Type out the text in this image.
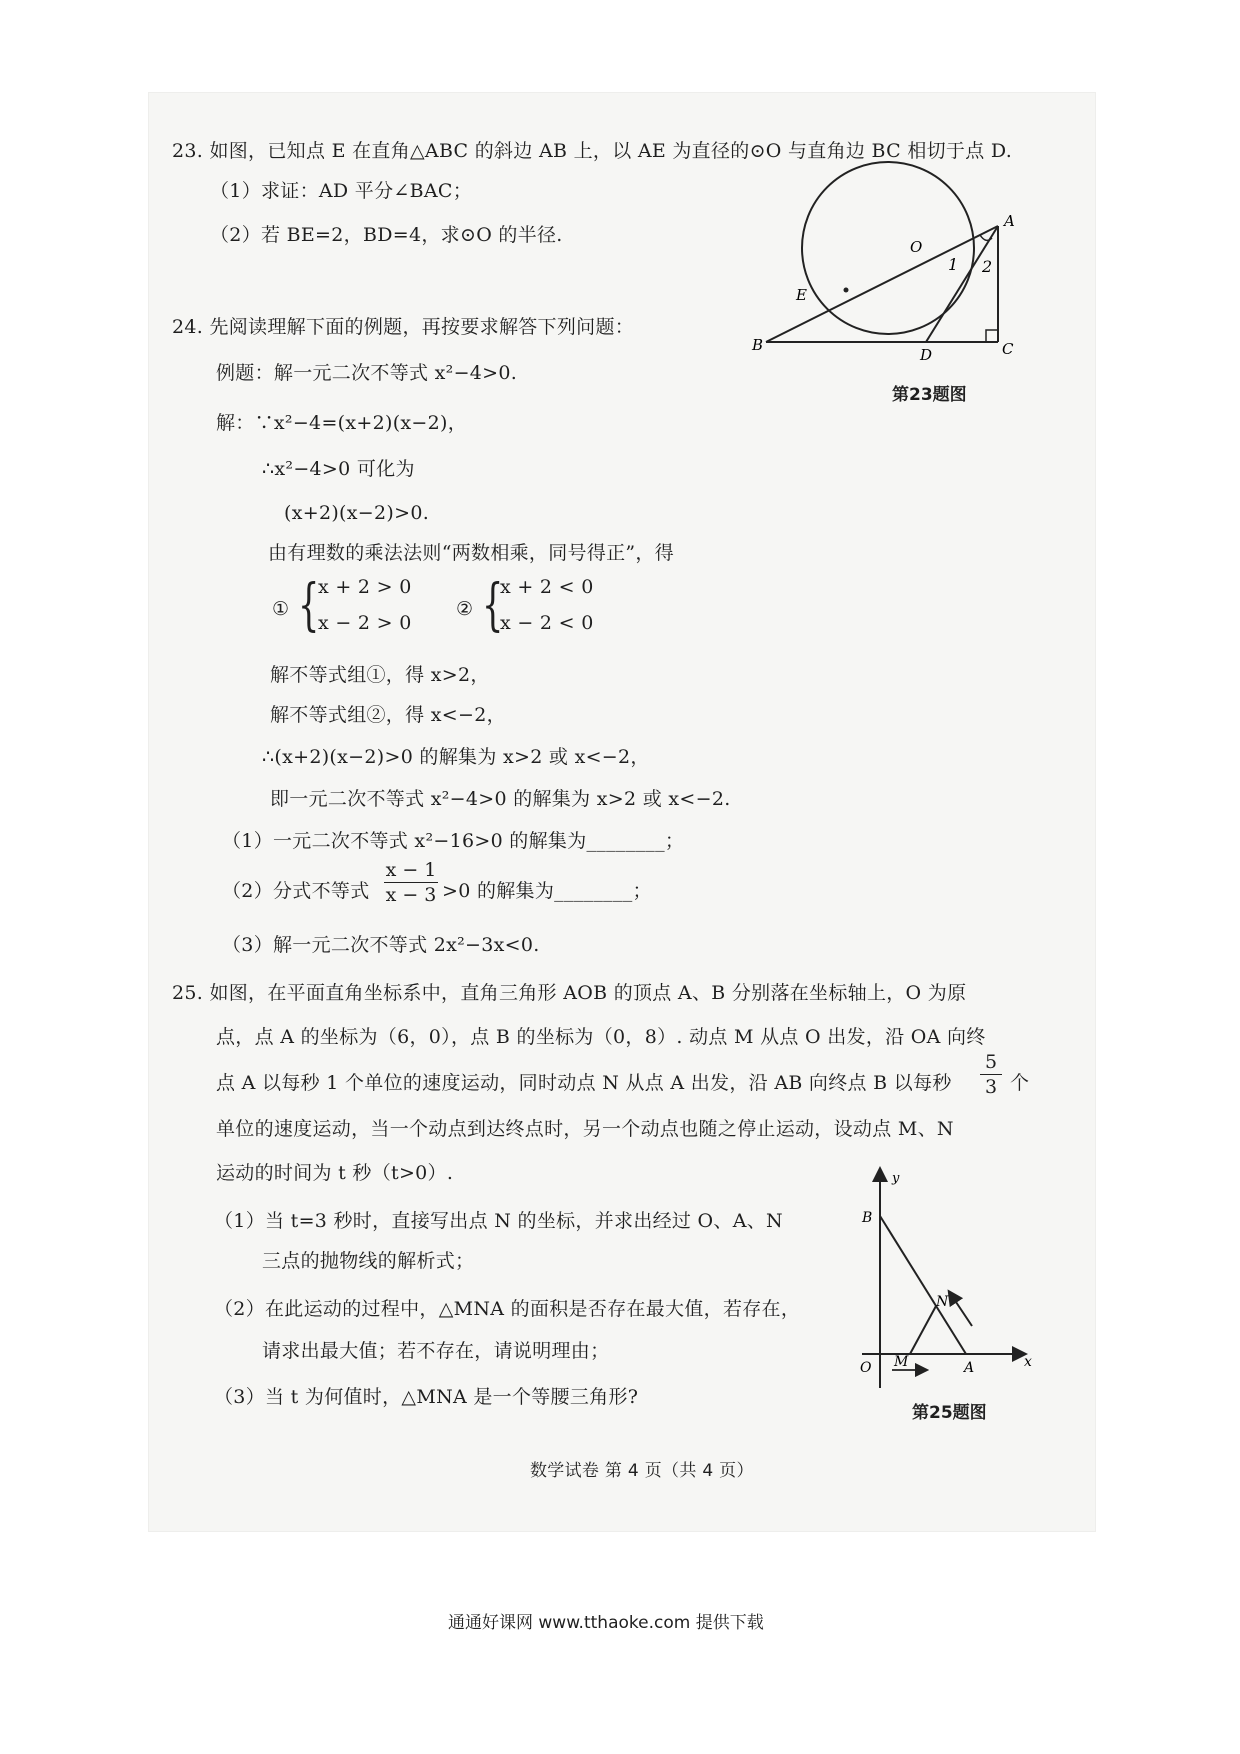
23. 如图，已知点 E 在直角△ABC 的斜边 AB 上，以 AE 为直径的⊙O 与直角边 BC 相切于点 D.
（1）求证：AD 平分∠BAC；
（2）若 BE=2，BD=4，求⊙O 的半径.
A
B	C
D
E
O
1 2
第23题图
24. 先阅读理解下面的例题，再按要求解答下列问题：
例题：解一元二次不等式 x²−4>0.
解：∵x²−4=(x+2)(x−2)，
∴x²−4>0 可化为
(x+2)(x−2)>0.
由有理数的乘法法则“两数相乘，同号得正”，得
① {
x + 2 > 0
x − 2 > 0
② {
x + 2 < 0
x − 2 < 0
解不等式组①，得 x>2，
解不等式组②，得 x<−2，
∴(x+2)(x−2)>0 的解集为 x>2 或 x<−2，
即一元二次不等式 x²−4>0 的解集为 x>2 或 x<−2.
（1）一元二次不等式 x²−16>0 的解集为________；
（2）分式不等式
x − 1
x − 3 >0 的解集为________；
（3）解一元二次不等式 2x²−3x<0.
25. 如图，在平面直角坐标系中，直角三角形 AOB 的顶点 A、B 分别落在坐标轴上，O 为原
点，点 A 的坐标为（6，0），点 B 的坐标为（0，8）. 动点 M 从点 O 出发，沿 OA 向终
点 A 以每秒 1 个单位的速度运动，同时动点 N 从点 A 出发，沿 AB 向终点 B 以每秒
5
3 个
单位的速度运动，当一个动点到达终点时，另一个动点也随之停止运动，设动点 M、N
运动的时间为 t 秒（t>0）.
（1）当 t=3 秒时，直接写出点 N 的坐标，并求出经过 O、A、N
三点的抛物线的解析式；
（2）在此运动的过程中，△MNA 的面积是否存在最大值，若存在，
请求出最大值；若不存在，请说明理由；
（3）当 t 为何值时，△MNA 是一个等腰三角形?
y
x
B
O M	A
N
第25题图
数学试卷 第 4 页（共 4 页）
通通好课网 www.tthaoke.com 提供下载
